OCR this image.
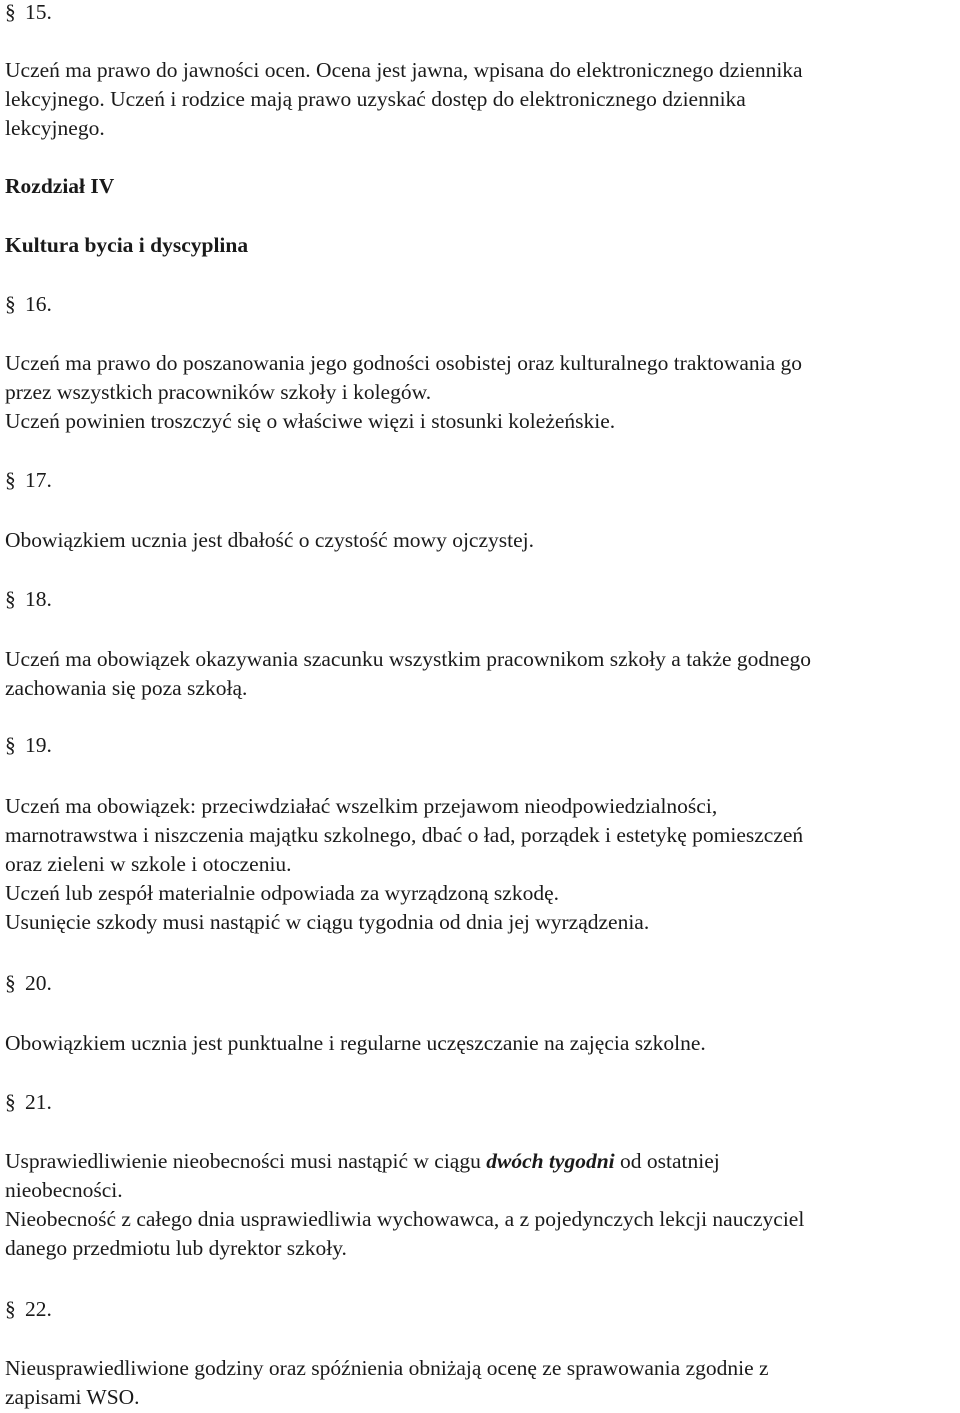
§ 15.

Uczeń ma prawo do jawności ocen. Ocena jest jawna, wpisana do elektronicznego dziennika
lekcyjnego. Uczeń i rodzice mają prawo uzyskać dostęp do elektronicznego dziennika
lekcyjnego.

Rozdział IV

Kultura bycia i dyscyplina

§ 16.

Uczeń ma prawo do poszanowania jego godności osobistej oraz kulturalnego traktowania go
przez wszystkich pracowników szkoły i kolegów.
Uczeń powinien troszczyć się o właściwe więzi i stosunki koleżeńskie.

§ 17.

Obowiązkiem ucznia jest dbałość o czystość mowy ojczystej.

§ 18.

Uczeń ma obowiązek okazywania szacunku wszystkim pracownikom szkoły a także godnego
zachowania się poza szkołą.

§ 19.

Uczeń ma obowiązek: przeciwdziałać wszelkim przejawom nieodpowiedzialności,
marnotrawstwa i niszczenia majątku szkolnego, dbać o ład, porządek i estetykę pomieszczeń
oraz zieleni w szkole i otoczeniu.
Uczeń lub zespół materialnie odpowiada za wyrządzoną szkodę.
Usunięcie szkody musi nastąpić w ciągu tygodnia od dnia jej wyrządzenia.

§ 20.

Obowiązkiem ucznia jest punktualne i regularne uczęszczanie na zajęcia szkolne.

§ 21.

Usprawiedliwienie nieobecności musi nastąpić w ciągu dwóch tygodni od ostatniej
nieobecności.
Nieobecność z całego dnia usprawiedliwia wychowawca, a z pojedynczych lekcji nauczyciel
danego przedmiotu lub dyrektor szkoły.

§ 22.

Nieusprawiedliwione godziny oraz spóźnienia obniżają ocenę ze sprawowania zgodnie z
zapisami WSO.
